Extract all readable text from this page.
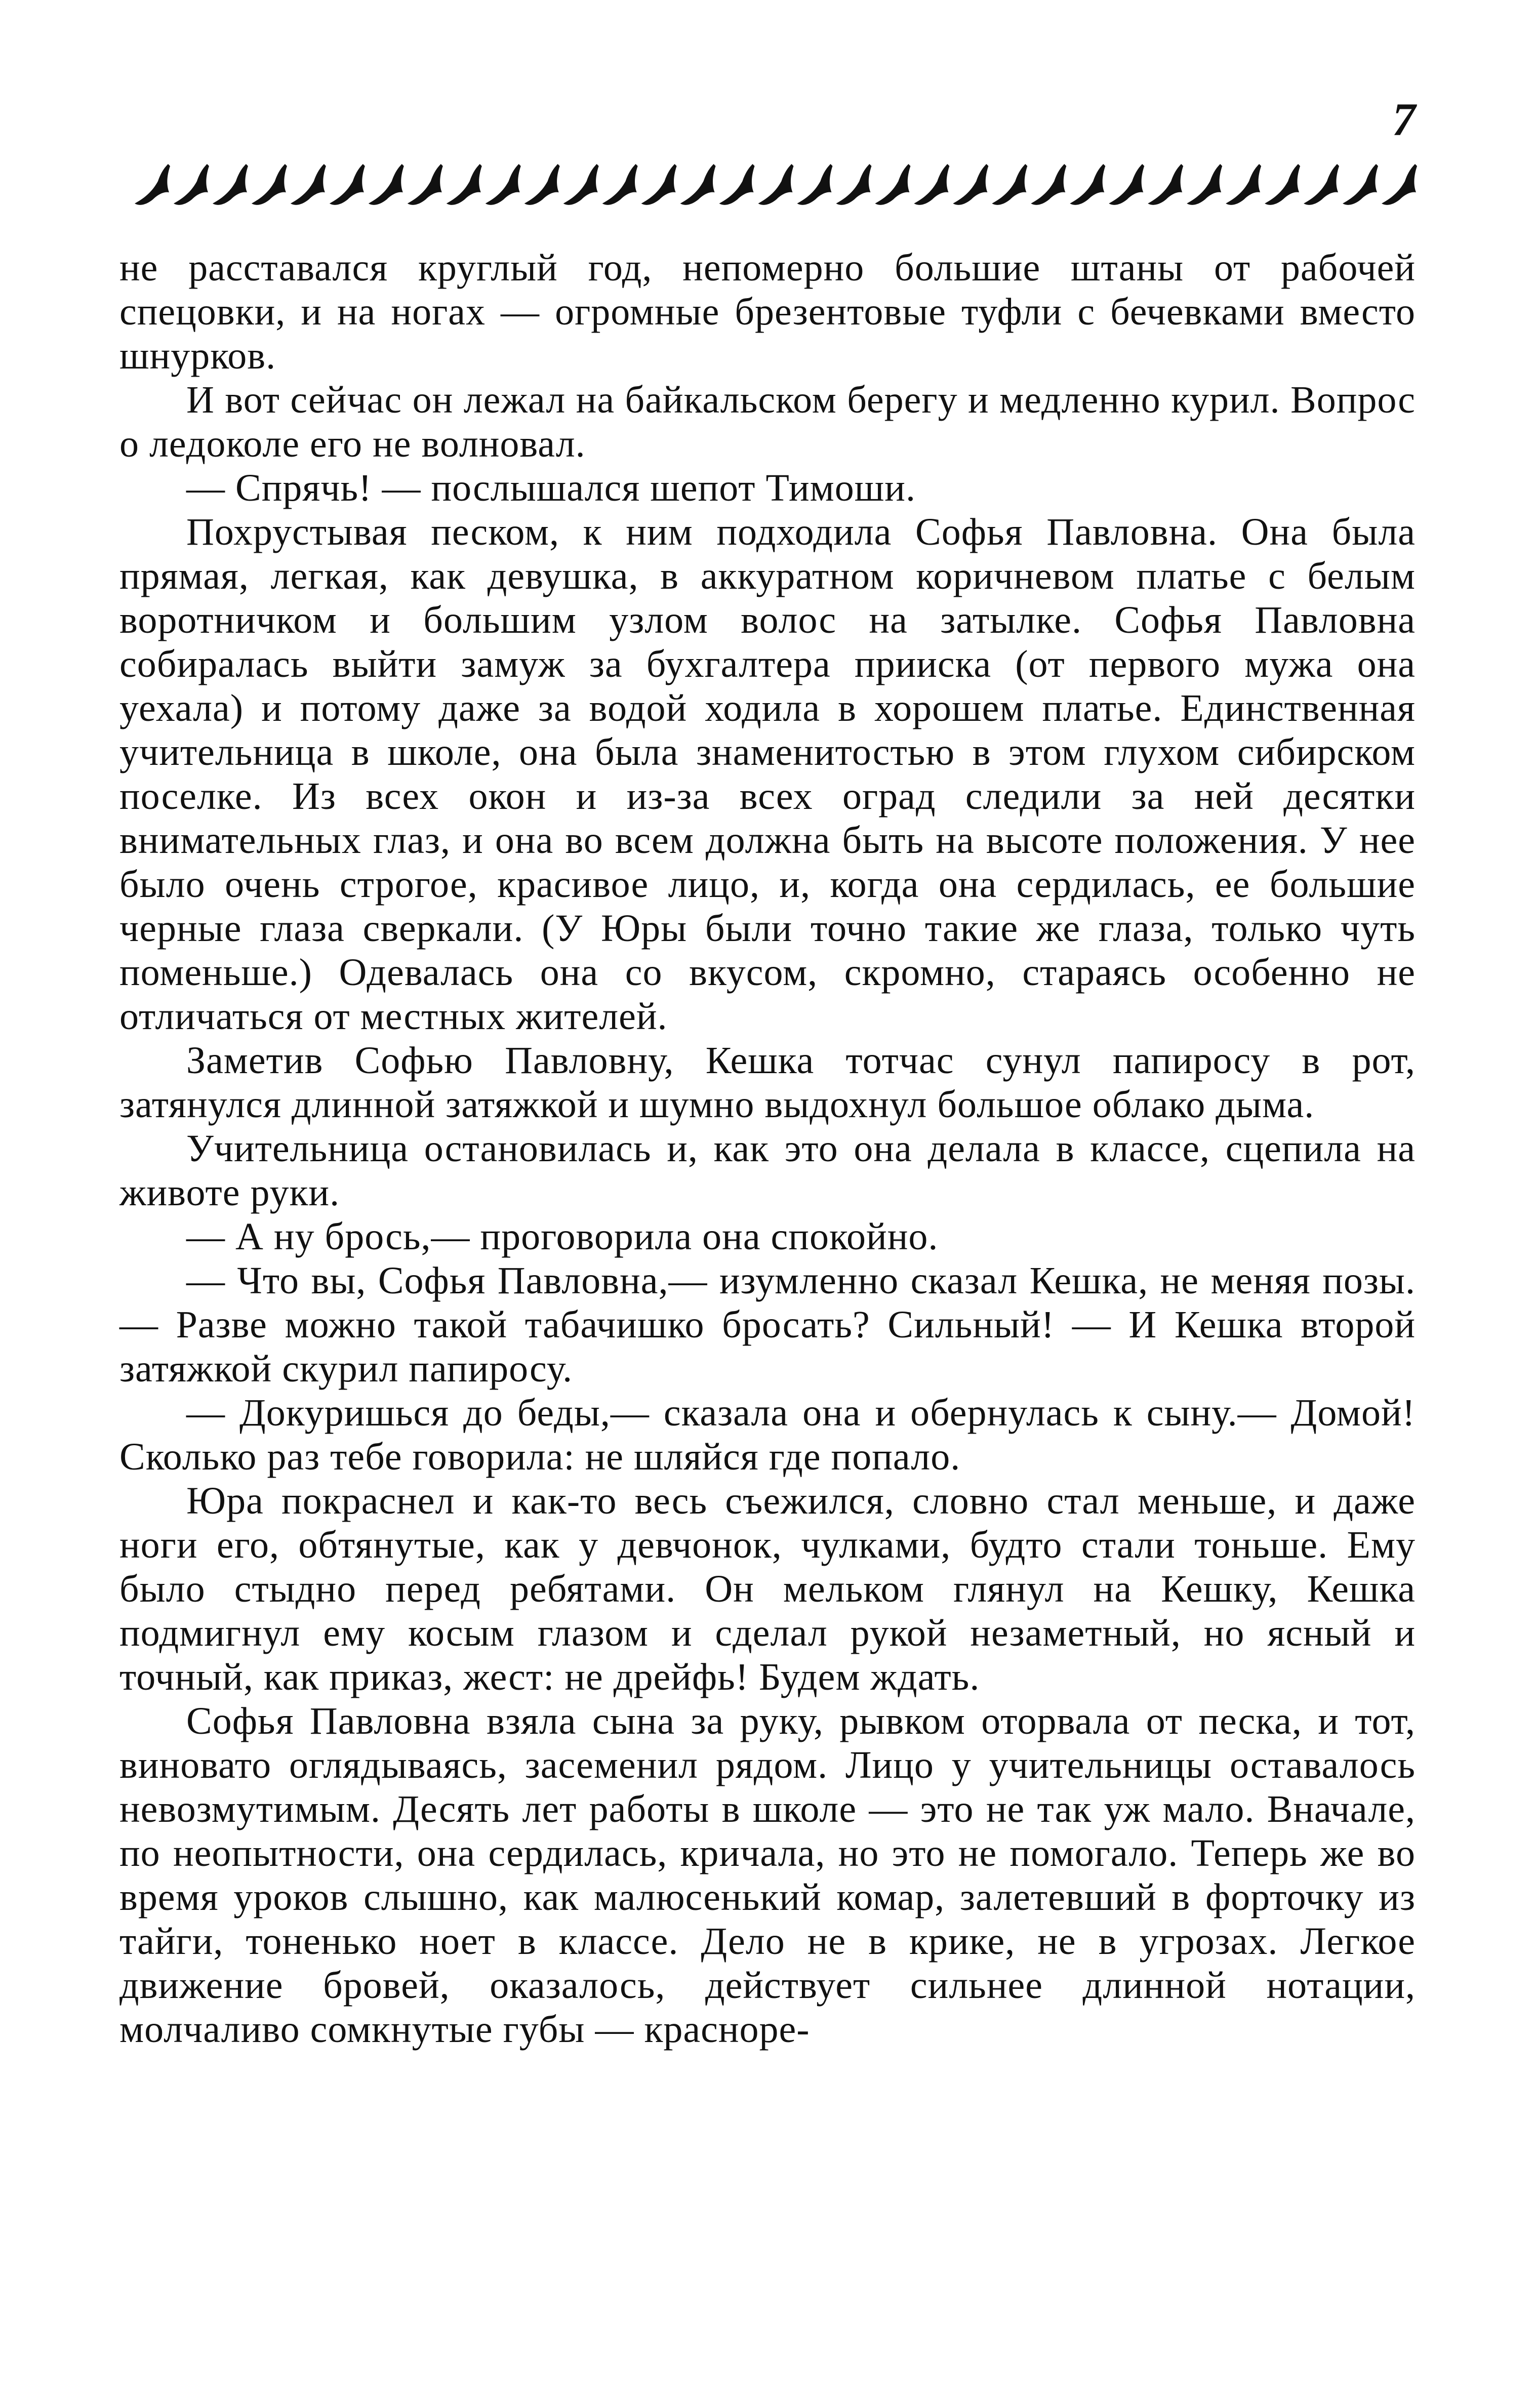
7

не расставался круглый год, непомерно большие штаны от рабочей спецовки, и на ногах — огромные брезентовые туфли с бечевками вместо шнурков.

И вот сейчас он лежал на байкальском берегу и медленно курил. Вопрос о ледоколе его не волновал.

— Спрячь! — послышался шепот Тимоши.

Похрустывая песком, к ним подходила Софья Павловна. Она была прямая, легкая, как девушка, в аккуратном коричневом платье с белым воротничком и большим узлом волос на затылке. Софья Павловна собиралась выйти замуж за бухгалтера прииска (от первого мужа она уехала) и потому даже за водой ходила в хорошем платье. Единственная учительница в школе, она была знаменитостью в этом глухом сибирском поселке. Из всех окон и из-за всех оград следили за ней десятки внимательных глаз, и она во всем должна быть на высоте положения. У нее было очень строгое, красивое лицо, и, когда она сердилась, ее большие черные глаза сверкали. (У Юры были точно такие же глаза, только чуть поменьше.) Одевалась она со вкусом, скромно, стараясь особенно не отличаться от местных жителей.

Заметив Софью Павловну, Кешка тотчас сунул папиросу в рот, затянулся длинной затяжкой и шумно выдохнул большое облако дыма.

Учительница остановилась и, как это она делала в классе, сцепила на животе руки.

— А ну брось,— проговорила она спокойно.

— Что вы, Софья Павловна,— изумленно сказал Кешка, не меняя позы.— Разве можно такой табачишко бросать? Сильный! — И Кешка второй затяжкой скурил папиросу.

— Докуришься до беды,— сказала она и обернулась к сыну.— Домой! Сколько раз тебе говорила: не шляйся где попало.

Юра покраснел и как-то весь съежился, словно стал меньше, и даже ноги его, обтянутые, как у девчонок, чулками, будто стали тоньше. Ему было стыдно перед ребятами. Он мельком глянул на Кешку, Кешка подмигнул ему косым глазом и сделал рукой незаметный, но ясный и точный, как приказ, жест: не дрейфь! Будем ждать.

Софья Павловна взяла сына за руку, рывком оторвала от песка, и тот, виновато оглядываясь, засеменил рядом. Лицо у учительницы оставалось невозмутимым. Десять лет работы в школе — это не так уж мало. Вначале, по неопытности, она сердилась, кричала, но это не помогало. Теперь же во время уроков слышно, как малюсенький комар, залетевший в форточку из тайги, тоненько ноет в классе. Дело не в крике, не в угрозах. Легкое движение бровей, оказалось, действует сильнее длинной нотации, молчаливо сомкнутые губы — красноре-
